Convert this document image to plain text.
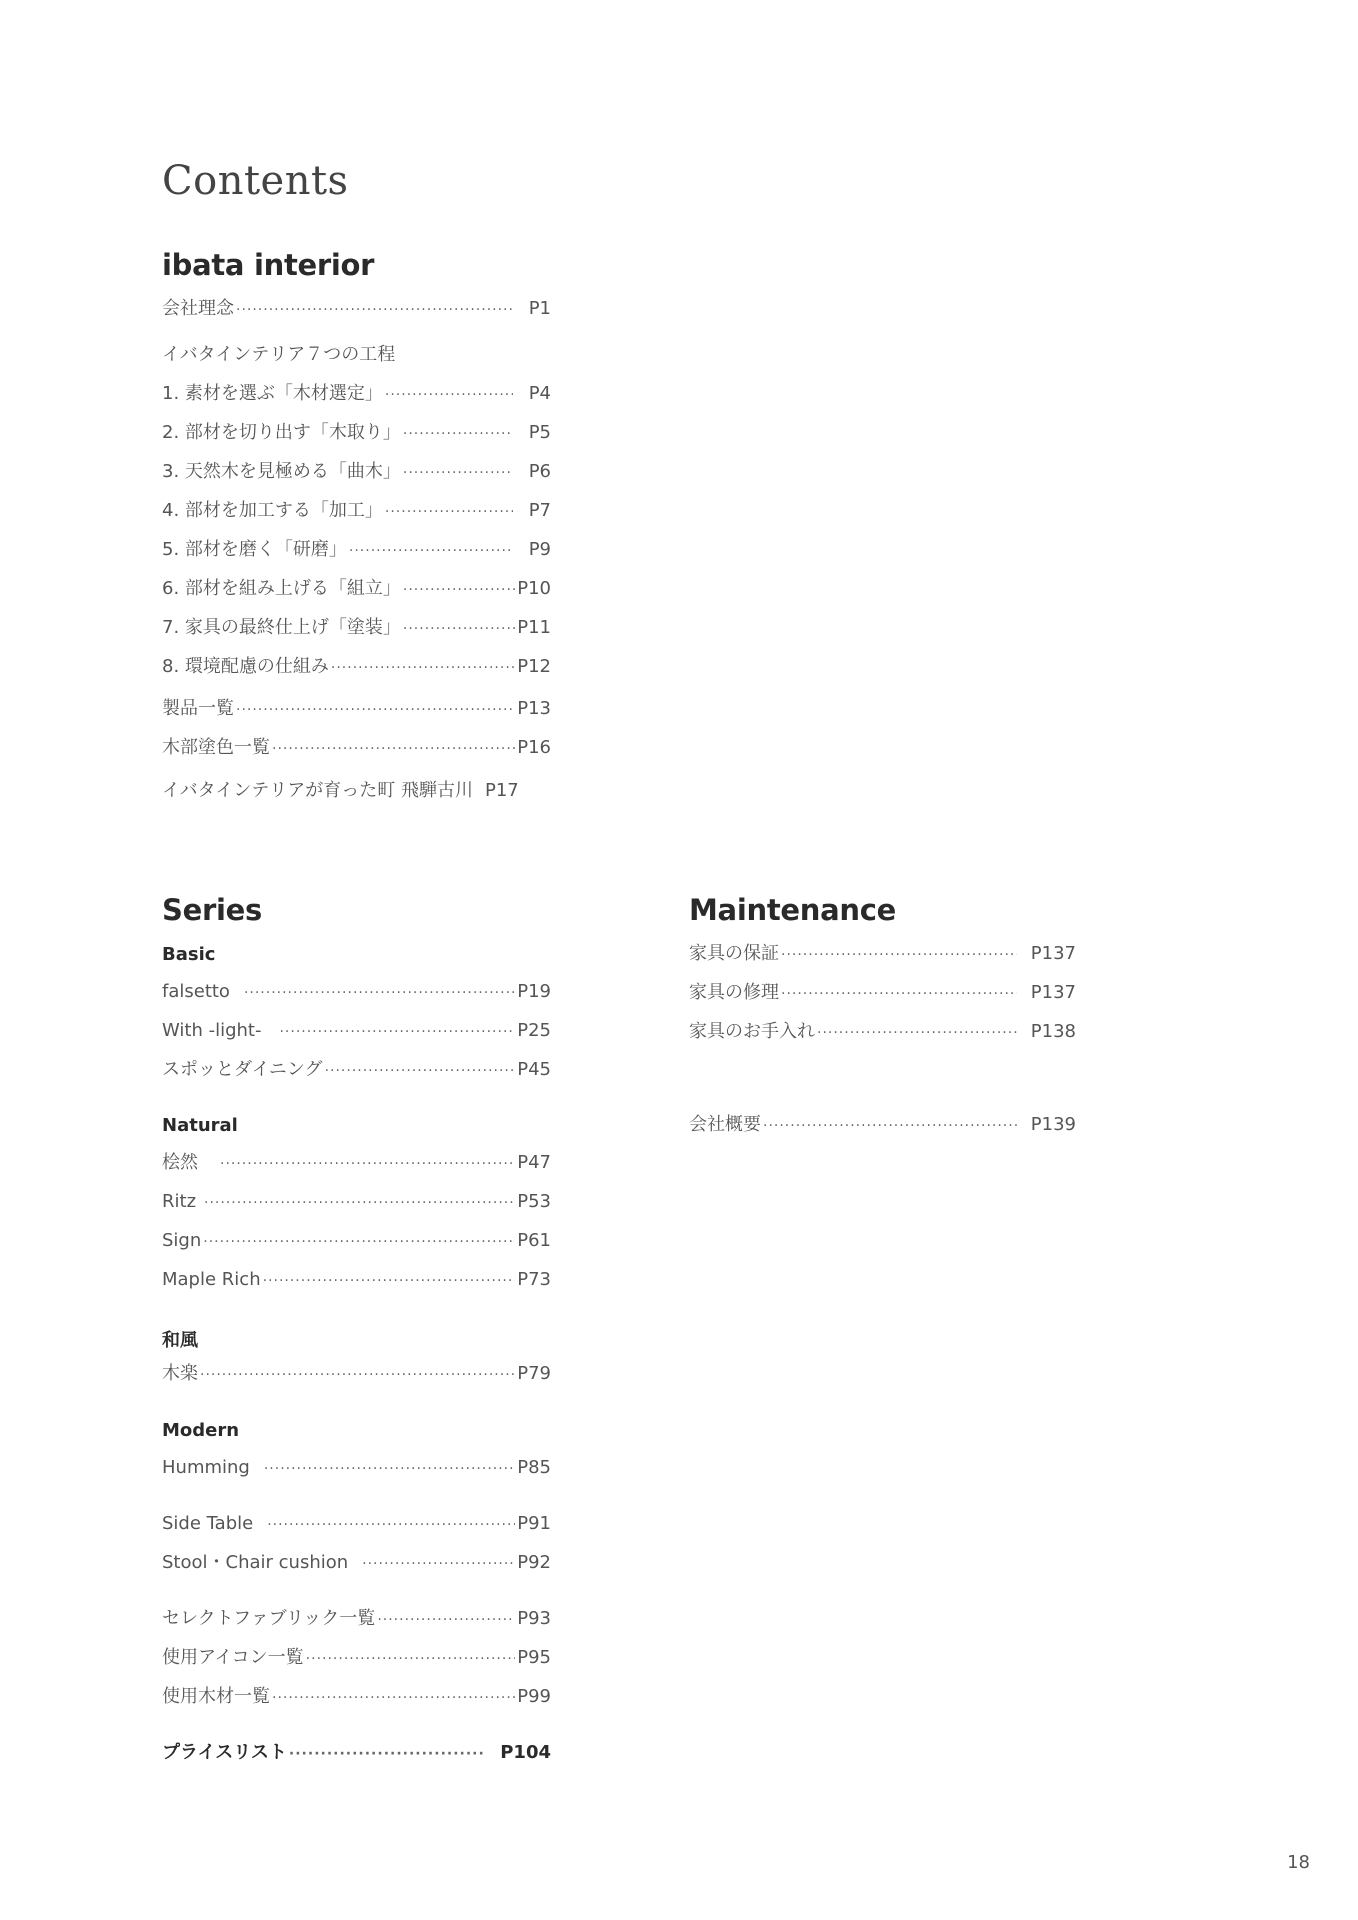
Contents
ibata interior
会社理念 ·····	P1
イバタインテリア７つの工程
1. 素材を選ぶ「木材選定」 ·····	P4
2. 部材を切り出す「木取り」 ·····	P5
3. 天然木を見極める「曲木」 ·····	P6
4. 部材を加工する「加工」 ·····	P7
5. 部材を磨く「研磨」 ·····	P9
6. 部材を組み上げる「組立」 ·····	P10
7. 家具の最終仕上げ「塗装」 ·····	P11
8. 環境配慮の仕組み ·····	P12
製品一覧 ·····	P13
木部塗色一覧 ·····	P16
イバタインテリアが育った町 飛騨古川 P17
Series
Basic
falsetto ·····	P19
With -light- ·····	P25
スポッとダイニング ·····	P45
Natural
桧然 ·····	P47
Ritz ·····	P53
Sign ·····	P61
Maple Rich ·····	P73
和風
木楽 ·····	P79
Modern
Humming ·····	P85
Side Table ·····	P91
Stool・Chair cushion ·····	P92
セレクトファブリック一覧 ·····	P93
使用アイコン一覧 ·····	P95
使用木材一覧 ·····	P99
プライスリスト ·····	P104
Maintenance
家具の保証 ·····	P137
家具の修理 ·····	P137
家具のお手入れ ·····	P138
会社概要 ·····	P139
18
